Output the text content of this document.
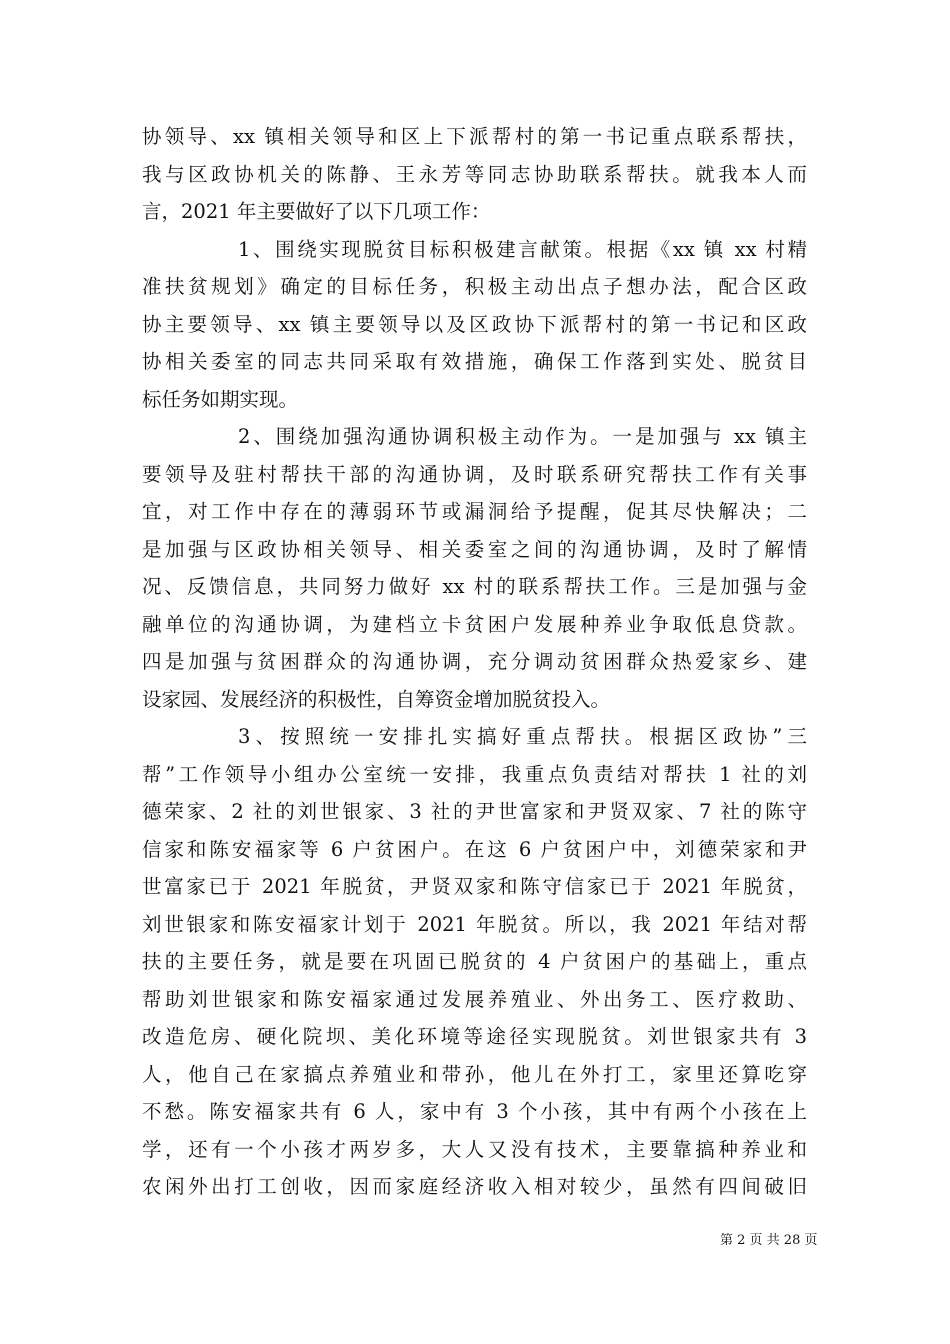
协领导、xx 镇相关领导和区上下派帮村的第一书记重点联系帮扶，
我与区政协机关的陈静、王永芳等同志协助联系帮扶。就我本人而
言，2021 年主要做好了以下几项工作：
1、围绕实现脱贫目标积极建言献策。根据《xx 镇 xx 村精
准扶贫规划》确定的目标任务，积极主动出点子想办法，配合区政
协主要领导、xx 镇主要领导以及区政协下派帮村的第一书记和区政
协相关委室的同志共同采取有效措施，确保工作落到实处、脱贫目
标任务如期实现。
2、围绕加强沟通协调积极主动作为。一是加强与 xx 镇主
要领导及驻村帮扶干部的沟通协调，及时联系研究帮扶工作有关事
宜，对工作中存在的薄弱环节或漏洞给予提醒，促其尽快解决；二
是加强与区政协相关领导、相关委室之间的沟通协调，及时了解情
况、反馈信息，共同努力做好 xx 村的联系帮扶工作。三是加强与金
融单位的沟通协调，为建档立卡贫困户发展种养业争取低息贷款。
四是加强与贫困群众的沟通协调，充分调动贫困群众热爱家乡、建
设家园、发展经济的积极性，自筹资金增加脱贫投入。
3、按照统一安排扎实搞好重点帮扶。根据区政协”三
帮”工作领导小组办公室统一安排，我重点负责结对帮扶 1 社的刘
德荣家、2 社的刘世银家、3 社的尹世富家和尹贤双家、7 社的陈守
信家和陈安福家等 6 户贫困户。在这 6 户贫困户中，刘德荣家和尹
世富家已于 2021 年脱贫，尹贤双家和陈守信家已于 2021 年脱贫，
刘世银家和陈安福家计划于 2021 年脱贫。所以，我 2021 年结对帮
扶的主要任务，就是要在巩固已脱贫的 4 户贫困户的基础上，重点
帮助刘世银家和陈安福家通过发展养殖业、外出务工、医疗救助、
改造危房、硬化院坝、美化环境等途径实现脱贫。刘世银家共有 3
人，他自己在家搞点养殖业和带孙，他儿在外打工，家里还算吃穿
不愁。陈安福家共有 6 人，家中有 3 个小孩，其中有两个小孩在上
学，还有一个小孩才两岁多，大人又没有技术，主要靠搞种养业和
农闲外出打工创收，因而家庭经济收入相对较少，虽然有四间破旧
第 2 页 共 28 页
